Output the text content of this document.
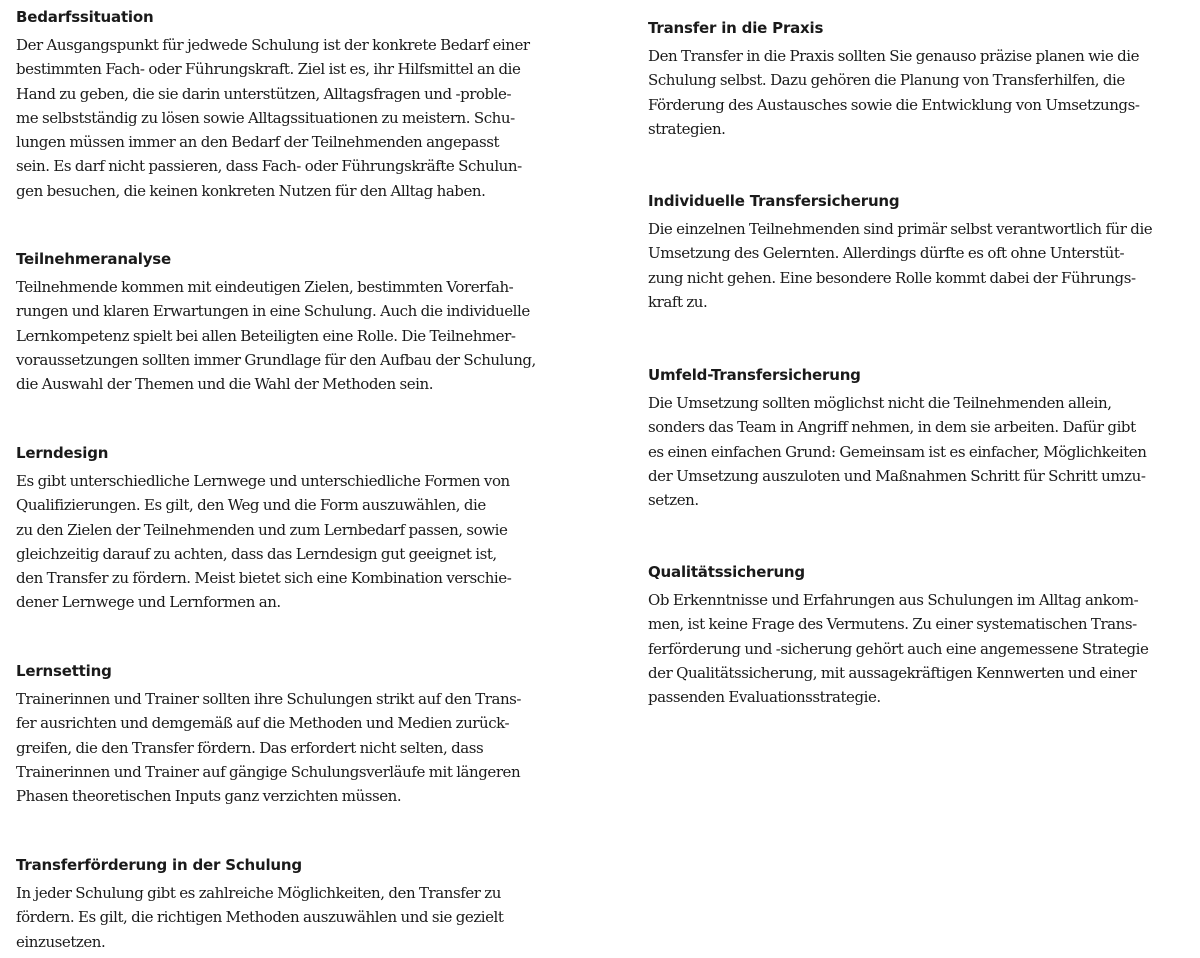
Bedarfssituation

Der Ausgangspunkt für jedwede Schulung ist der konkrete Bedarf einer
bestimmten Fach- oder Führungskraft. Ziel ist es, ihr Hilfsmittel an die
Hand zu geben, die sie darin unterstützen, Alltagsfragen und -proble-
me selbstständig zu lösen sowie Alltagssituationen zu meistern. Schu-
lungen müssen immer an den Bedarf der Teilnehmenden angepasst
sein. Es darf nicht passieren, dass Fach- oder Führungskräfte Schulun-
gen besuchen, die keinen konkreten Nutzen für den Alltag haben.

Teilnehmeranalyse

Teilnehmende kommen mit eindeutigen Zielen, bestimmten Vorerfah-
rungen und klaren Erwartungen in eine Schulung. Auch die individuelle
Lernkompetenz spielt bei allen Beteiligten eine Rolle. Die Teilnehmer-
voraussetzungen sollten immer Grundlage für den Aufbau der Schulung,
die Auswahl der Themen und die Wahl der Methoden sein.

Lerndesign

Es gibt unterschiedliche Lernwege und unterschiedliche Formen von
Qualifizierungen. Es gilt, den Weg und die Form auszuwählen, die
zu den Zielen der Teilnehmenden und zum Lernbedarf passen, sowie
gleichzeitig darauf zu achten, dass das Lerndesign gut geeignet ist,
den Transfer zu fördern. Meist bietet sich eine Kombination verschie-
dener Lernwege und Lernformen an.

Lernsetting

Trainerinnen und Trainer sollten ihre Schulungen strikt auf den Trans-
fer ausrichten und demgemäß auf die Methoden und Medien zurück-
greifen, die den Transfer fördern. Das erfordert nicht selten, dass
Trainerinnen und Trainer auf gängige Schulungsverläufe mit längeren
Phasen theoretischen Inputs ganz verzichten müssen.

Transferförderung in der Schulung

In jeder Schulung gibt es zahlreiche Möglichkeiten, den Transfer zu
fördern. Es gilt, die richtigen Methoden auszuwählen und sie gezielt
einzusetzen.

Transfer in die Praxis

Den Transfer in die Praxis sollten Sie genauso präzise planen wie die
Schulung selbst. Dazu gehören die Planung von Transferhilfen, die
Förderung des Austausches sowie die Entwicklung von Umsetzungs-
strategien.

Individuelle Transfersicherung

Die einzelnen Teilnehmenden sind primär selbst verantwortlich für die
Umsetzung des Gelernten. Allerdings dürfte es oft ohne Unterstüt-
zung nicht gehen. Eine besondere Rolle kommt dabei der Führungs-
kraft zu.

Umfeld-Transfersicherung

Die Umsetzung sollten möglichst nicht die Teilnehmenden allein,
sonders das Team in Angriff nehmen, in dem sie arbeiten. Dafür gibt
es einen einfachen Grund: Gemeinsam ist es einfacher, Möglichkeiten
der Umsetzung auszuloten und Maßnahmen Schritt für Schritt umzu-
setzen.

Qualitätssicherung

Ob Erkenntnisse und Erfahrungen aus Schulungen im Alltag ankom-
men, ist keine Frage des Vermutens. Zu einer systematischen Trans-
ferförderung und -sicherung gehört auch eine angemessene Strategie
der Qualitätssicherung, mit aussagekräftigen Kennwerten und einer
passenden Evaluationsstrategie.
